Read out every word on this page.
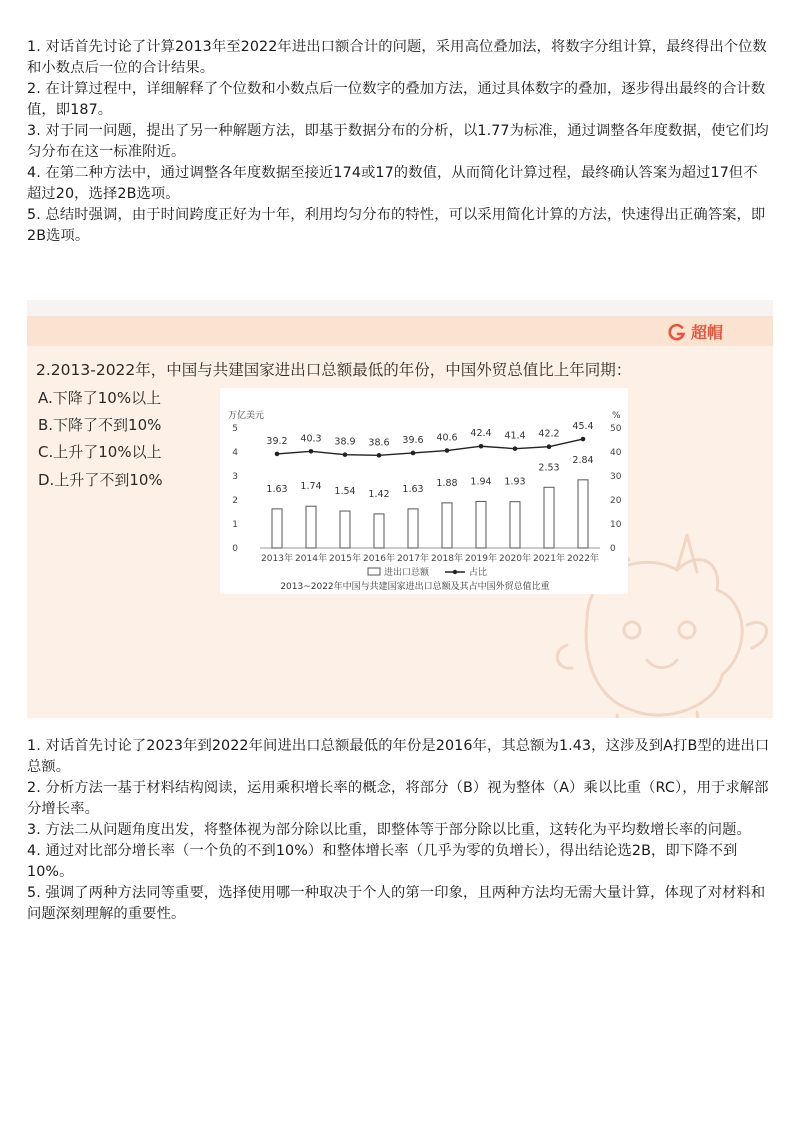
1. 对话首先讨论了计算2013年至2022年进出口额合计的问题，采用高位叠加法，将数字分组计算，最终得出个位数和小数点后一位的合计结果。

2. 在计算过程中，详细解释了个位数和小数点后一位数字的叠加方法，通过具体数字的叠加，逐步得出最终的合计数值，即187。

3. 对于同一问题，提出了另一种解题方法，即基于数据分布的分析，以1.77为标准，通过调整各年度数据，使它们均匀分布在这一标准附近。

4. 在第二种方法中，通过调整各年度数据至接近174或17的数值，从而简化计算过程，最终确认答案为超过17但不超过20，选择2B选项。

5. 总结时强调，由于时间跨度正好为十年，利用均匀分布的特性，可以采用简化计算的方法，快速得出正确答案，即2B选项。

超帽
2.2013-2022年，中国与共建国家进出口总额最低的年份，中国外贸总值比上年同期：
A.下降了10%以上
B.下降了不到10%
C.上升了10%以上
D.上升了不到10%
万亿美元
0
1
2
3
4
5
%
0
10
20
30
40
50
1.63 1.74 1.54 1.42 1.63
1.88 1.94 1.93
2.53
2.84
39.2 40.3 38.9 38.6 39.6 40.6 42.4 41.4 42.2
45.4
2013年 2014年 2015年 2016年 2017年 2018年 2019年 2020年 2021年 2022年
进出口总额	占比
2013~2022年中国与共建国家进出口总额及其占中国外贸总值比重

1. 对话首先讨论了2023年到2022年间进出口总额最低的年份是2016年，其总额为1.43，这涉及到A打B型的进出口总额。

2. 分析方法一基于材料结构阅读，运用乘积增长率的概念，将部分（B）视为整体（A）乘以比重（RC），用于求解部分增长率。

3. 方法二从问题角度出发，将整体视为部分除以比重，即整体等于部分除以比重，这转化为平均数增长率的问题。

4. 通过对比部分增长率（一个负的不到10%）和整体增长率（几乎为零的负增长），得出结论选2B，即下降不到10%。

5. 强调了两种方法同等重要，选择使用哪一种取决于个人的第一印象，且两种方法均无需大量计算，体现了对材料和问题深刻理解的重要性。
